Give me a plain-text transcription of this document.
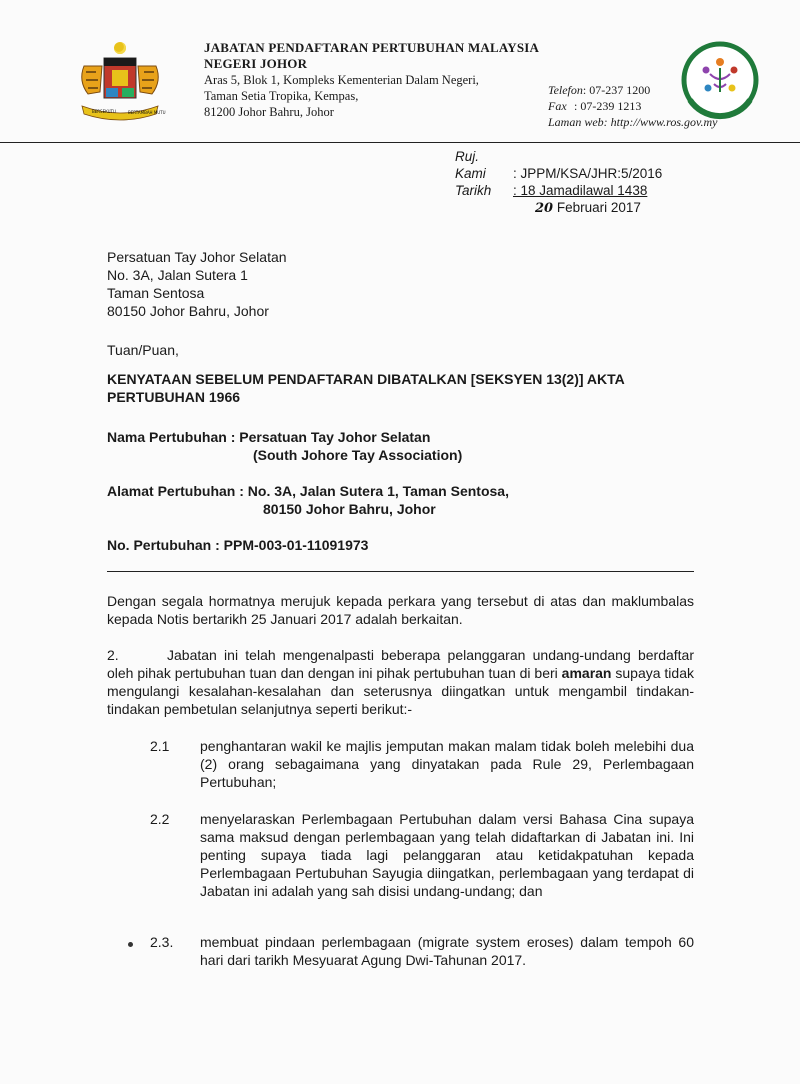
BERSEKUTU	BERTAMBAH MUTU
JABATAN PENDAFTARAN PERTUBUHAN MALAYSIA
NEGERI JOHOR
Aras 5, Blok 1, Kompleks Kementerian Dalam Negeri,
Taman Setia Tropika, Kempas,
81200 Johor Bahru, Johor
Telefon: 07-237 1200
Fax : 07-239 1213
Laman web: http://www.ros.gov.my
Ruj. Kami : JPPM/KSA/JHR:5/2016
Tarikh : 18 Jamadilawal 1438
20 Februari 2017
Persatuan Tay Johor Selatan
No. 3A, Jalan Sutera 1
Taman Sentosa
80150 Johor Bahru, Johor
Tuan/Puan,
KENYATAAN SEBELUM PENDAFTARAN DIBATALKAN [SEKSYEN 13(2)] AKTA
PERTUBUHAN 1966
Nama Pertubuhan : Persatuan Tay Johor Selatan
(South Johore Tay Association)
Alamat Pertubuhan : No. 3A, Jalan Sutera 1, Taman Sentosa,
80150 Johor Bahru, Johor
No. Pertubuhan : PPM-003-01-11091973
Dengan segala hormatnya merujuk kepada perkara yang tersebut di atas dan maklumbalas kepada Notis bertarikh 25 Januari 2017 adalah berkaitan.
2.	Jabatan ini telah mengenalpasti beberapa pelanggaran undang-undang berdaftar oleh pihak pertubuhan tuan dan dengan ini pihak pertubuhan tuan di beri amaran supaya tidak mengulangi kesalahan-kesalahan dan seterusnya diingatkan untuk mengambil tindakan-tindakan pembetulan selanjutnya seperti berikut:-
2.1 penghantaran wakil ke majlis jemputan makan malam tidak boleh melebihi dua (2) orang sebagaimana yang dinyatakan pada Rule 29, Perlembagaan Pertubuhan;
2.2 menyelaraskan Perlembagaan Pertubuhan dalam versi Bahasa Cina supaya sama maksud dengan perlembagaan yang telah didaftarkan di Jabatan ini. Ini penting supaya tiada lagi pelanggaran atau ketidakpatuhan kepada Perlembagaan Pertubuhan Sayugia diingatkan, perlembagaan yang terdapat di Jabatan ini adalah yang sah disisi undang-undang; dan
2.3. membuat pindaan perlembagaan (migrate system eroses) dalam tempoh 60 hari dari tarikh Mesyuarat Agung Dwi-Tahunan 2017.
